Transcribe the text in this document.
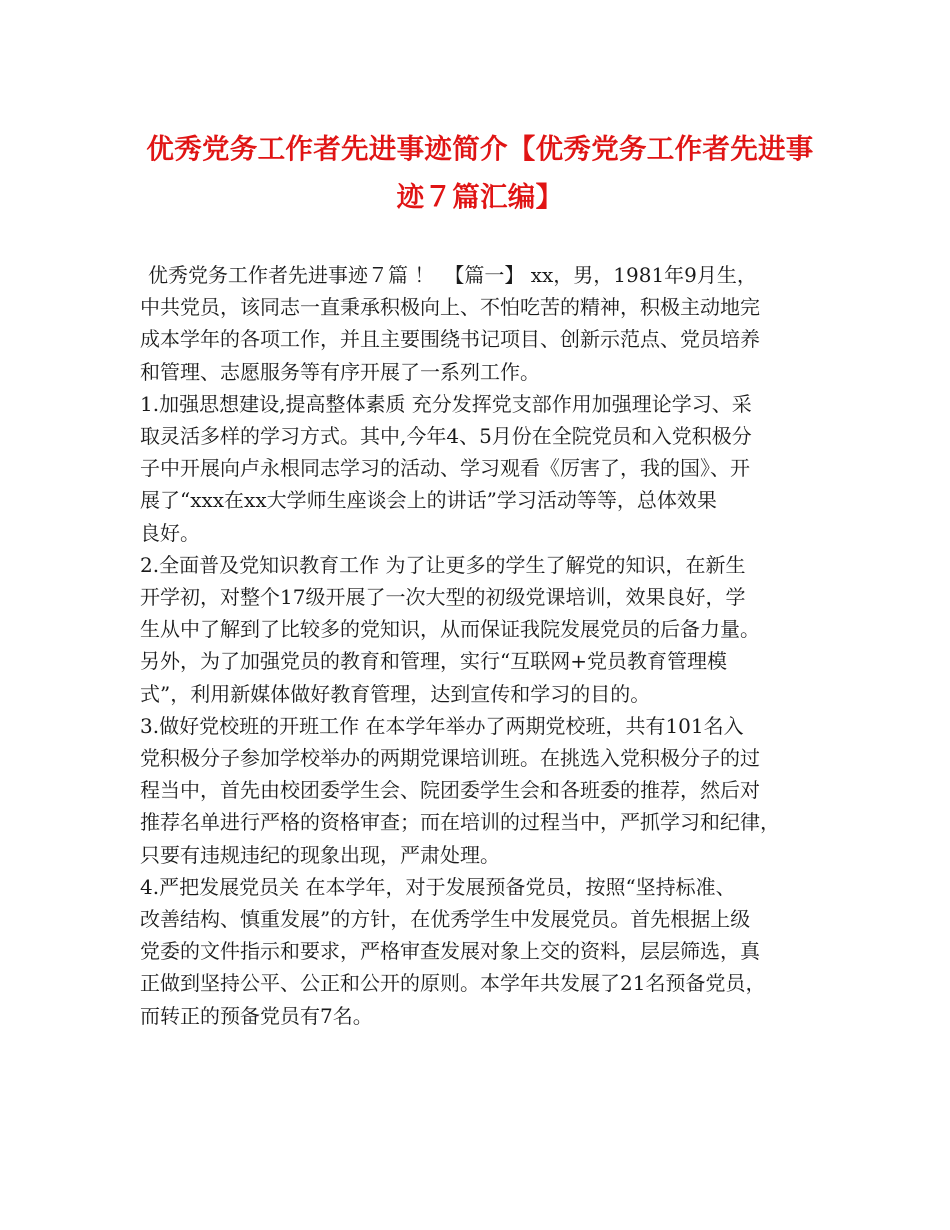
优秀党务工作者先进事迹简介【优秀党务工作者先进事
迹７篇汇编】
优秀党务工作者先进事迹７篇 ！　【篇一】 xx，男，1981年9月生，
中共党员，该同志一直秉承积极向上、不怕吃苦的精神，积极主动地完
成本学年的各项工作，并且主要围绕书记项目、创新示范点、党员培养
和管理、志愿服务等有序开展了一系列工作。
1.加强思想建设,提高整体素质 充分发挥党支部作用加强理论学习、采
取灵活多样的学习方式。其中,今年4、5月份在全院党员和入党积极分
子中开展向卢永根同志学习的活动、学习观看《厉害了，我的国》、开
展了“xxx在xx大学师生座谈会上的讲话”学习活动等等，总体效果
良好。
2.全面普及党知识教育工作 为了让更多的学生了解党的知识，在新生
开学初，对整个17级开展了一次大型的初级党课培训，效果良好，学
生从中了解到了比较多的党知识，从而保证我院发展党员的后备力量。
另外，为了加强党员的教育和管理，实行“互联网+党员教育管理模
式”，利用新媒体做好教育管理，达到宣传和学习的目的。
3.做好党校班的开班工作 在本学年举办了两期党校班，共有101名入
党积极分子参加学校举办的两期党课培训班。在挑选入党积极分子的过
程当中，首先由校团委学生会、院团委学生会和各班委的推荐，然后对
推荐名单进行严格的资格审查；而在培训的过程当中，严抓学习和纪律，
只要有违规违纪的现象出现，严肃处理。
4.严把发展党员关 在本学年，对于发展预备党员，按照“坚持标准、
改善结构、慎重发展”的方针，在优秀学生中发展党员。首先根据上级
党委的文件指示和要求，严格审查发展对象上交的资料，层层筛选，真
正做到坚持公平、公正和公开的原则。本学年共发展了21名预备党员，
而转正的预备党员有7名。
